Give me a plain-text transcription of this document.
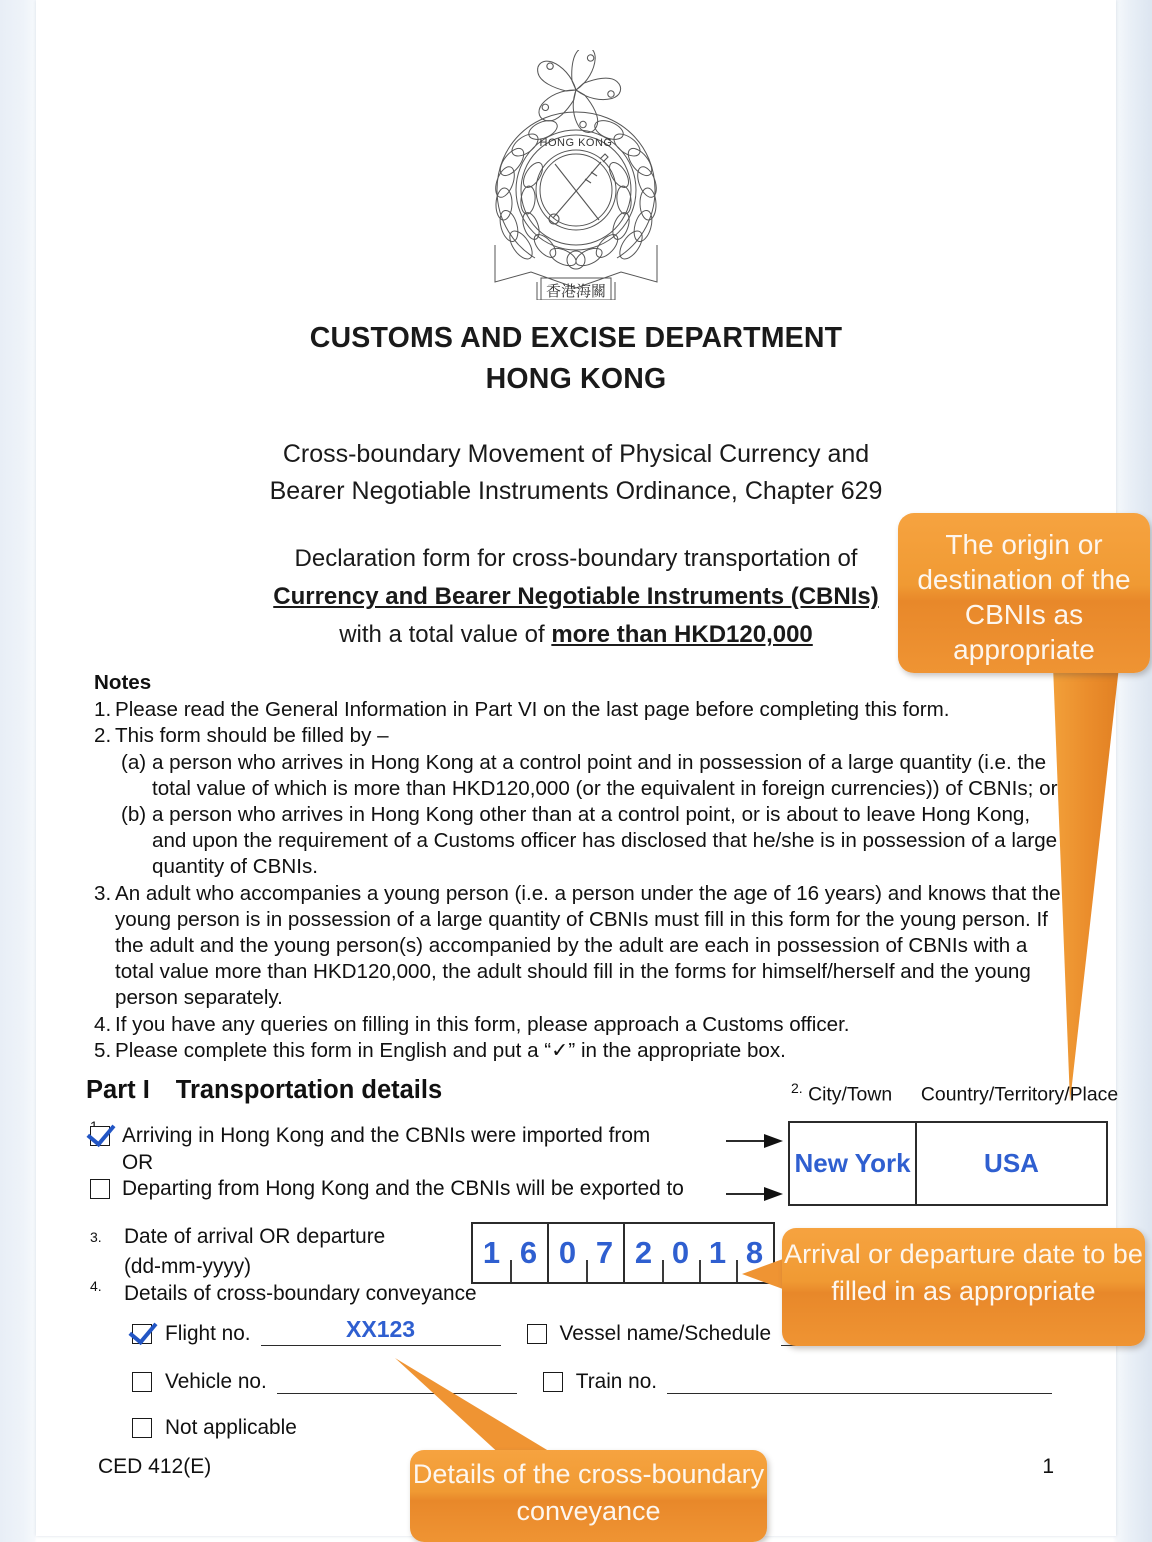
HONG KONG
香港海關
CUSTOMS AND EXCISE DEPARTMENT
HONG KONG
Cross-boundary Movement of Physical Currency and
Bearer Negotiable Instruments Ordinance, Chapter 629
Declaration form for cross-boundary transportation of
Currency and Bearer Negotiable Instruments (CBNIs)
with a total value of more than HKD120,000
Notes
1. Please read the General Information in Part VI on the last page before completing this form.
2. This form should be filled by –
(a) a person who arrives in Hong Kong at a control point and in possession of a large quantity (i.e. the total value of which is more than HKD120,000 (or the equivalent in foreign currencies)) of CBNIs; or
(b) a person who arrives in Hong Kong other than at a control point, or is about to leave Hong Kong, and upon the requirement of a Customs officer has disclosed that he/she is in possession of a large quantity of CBNIs.
3. An adult who accompanies a young person (i.e. a person under the age of 16 years) and knows that the young person is in possession of a large quantity of CBNIs must fill in this form for the young person. If the adult and the young person(s) accompanied by the adult are each in possession of CBNIs with a total value more than HKD120,000, the adult should fill in the forms for himself/herself and the young person separately.
4. If you have any queries on filling in this form, please approach a Customs officer.
5. Please complete this form in English and put a “✓” in the appropriate box.
Part I Transportation details
Arriving in Hong Kong and the CBNIs were imported from
OR
Departing from Hong Kong and the CBNIs will be exported to
$^{2.}$ City/Town Country/Territory/Place
New York	USA
3. Date of arrival OR departure
(dd-mm-yyyy)	1 6 0 7 2 0 1 8
4. Details of cross-boundary conveyance
Flight no.	XX123	Vessel name/Schedule
Vehicle no.	Train no.
Not applicable
CED 412(E)	1
The origin or destination of the CBNIs as appropriate
Arrival or departure date to be filled in as appropriate
Details of the cross-boundary conveyance
